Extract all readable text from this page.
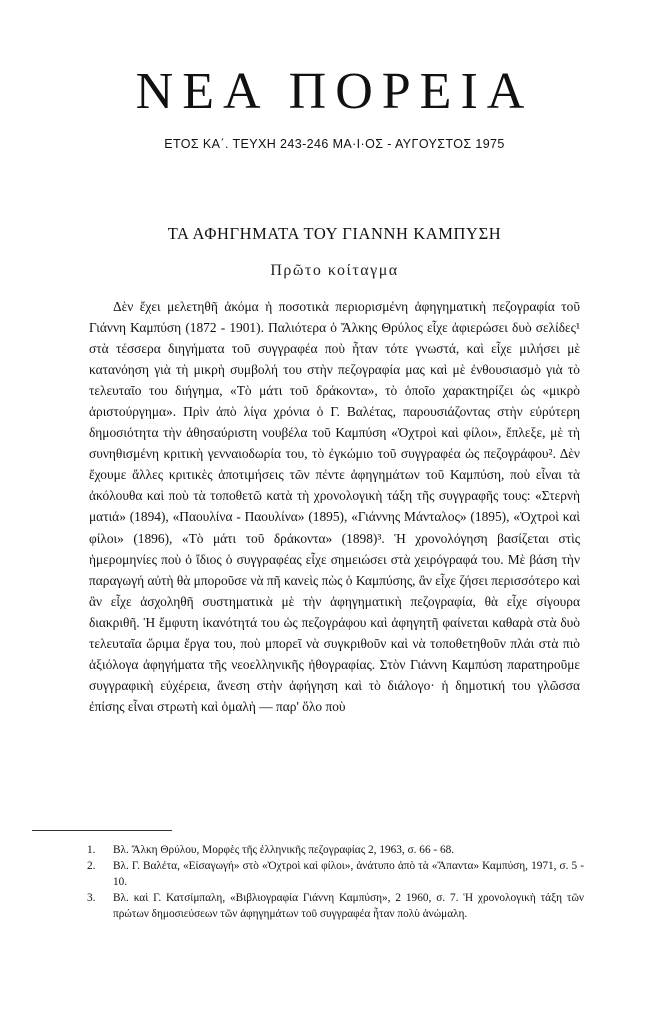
ΝΕΑ ΠΟΡΕΙΑ
ΕΤΟΣ ΚΑ΄. ΤΕΥΧΗ 243-246 ΜΑ·Ι·ΟΣ - ΑΥΓΟΥΣΤΟΣ 1975
ΤΑ ΑΦΗΓΗΜΑΤΑ ΤΟΥ ΓΙΑΝΝΗ ΚΑΜΠΥΣΗ
Πρῶτο κοίταγμα

Δὲν ἔχει μελετηθῆ ἀκόμα ἡ ποσοτικὰ περιορισμένη ἀφηγηματικὴ πεζογραφία τοῦ Γιάννη Καμπύση (1872 - 1901). Παλιότερα ὁ Ἄλκης Θρύλος εἶχε ἀφιερώσει δυὸ σελίδες¹ στὰ τέσσερα διηγήματα τοῦ συγγραφέα ποὺ ἦταν τότε γνωστά, καὶ εἶχε μιλήσει μὲ κατανόηση γιὰ τὴ μικρὴ συμβολή του στὴν πεζογραφία μας καὶ μὲ ἐνθουσιασμὸ γιὰ τὸ τελευταῖο του διήγημα, «Τὸ μάτι τοῦ δράκοντα», τὸ ὁποῖο χαρακτηρίζει ὡς «μικρὸ ἀριστούργημα». Πρὶν ἀπὸ λίγα χρόνια ὁ Γ. Βαλέτας, παρουσιάζοντας στὴν εὐρύτερη δημοσιότητα τὴν ἀθησαύριστη νουβέλα τοῦ Καμπύση «Ὀχτροὶ καὶ φίλοι», ἔπλεξε, μὲ τὴ συνηθισμένη κριτικὴ γενναιοδωρία του, τὸ ἐγκώμιο τοῦ συγγραφέα ὡς πεζογράφου². Δὲν ἔχουμε ἄλλες κριτικὲς ἀποτιμήσεις τῶν πέντε ἀφηγημάτων τοῦ Καμπύση, ποὺ εἶναι τὰ ἀκόλουθα καὶ ποὺ τὰ τοποθετῶ κατὰ τὴ χρονολογικὴ τάξη τῆς συγγραφῆς τους: «Στερνὴ ματιά» (1894), «Παουλίνα - Παουλίνα» (1895), «Γιάννης Μάνταλος» (1895), «Ὀχτροὶ καὶ φίλοι» (1896), «Τὸ μάτι τοῦ δράκοντα» (1898)³. Ἡ χρονολόγηση βασίζεται στὶς ἡμερομηνίες ποὺ ὁ ἴδιος ὁ συγγραφέας εἶχε σημειώσει στὰ χειρόγραφά του. Μὲ βάση τὴν παραγωγή αὐτὴ θὰ μποροῦσε νὰ πῆ κανεὶς πὼς ὁ Καμπύσης, ἂν εἶχε ζήσει περισσότερο καὶ ἂν εἶχε ἀσχοληθῆ συστηματικὰ μὲ τὴν ἀφηγηματικὴ πεζογραφία, θὰ εἶχε σίγουρα διακριθῆ. Ἡ ἔμφυτη ἱκανότητά του ὡς πεζογράφου καὶ ἀφηγητῆ φαίνεται καθαρὰ στὰ δυὸ τελευταῖα ὥριμα ἔργα του, ποὺ μπορεῖ νὰ συγκριθοῦν καὶ νὰ τοποθετηθοῦν πλάι στὰ πιὸ ἀξιόλογα ἀφηγήματα τῆς νεοελληνικῆς ἠθογραφίας. Στὸν Γιάννη Καμπύση παρατηροῦμε συγγραφικὴ εὐχέρεια, ἄνεση στὴν ἀφήγηση καὶ τὸ διάλογο· ἡ δημοτική του γλῶσσα ἐπίσης εἶναι στρωτὴ καὶ ὁμαλὴ — παρ' ὅλο ποὺ

1. Βλ. Ἄλκη Θρύλου, Μορφὲς τῆς ἑλληνικῆς πεζογραφίας 2, 1963, σ. 66 - 68.
2. Βλ. Γ. Βαλέτα, «Εἰσαγωγή» στὸ «Ὀχτροὶ καὶ φίλοι», ἀνάτυπο ἀπὸ τὰ «Ἅπαντα» Καμπύση, 1971, σ. 5 - 10.
3. Βλ. καὶ Γ. Κατσίμπαλη, «Βιβλιογραφία Γιάννη Καμπύση», 2 1960, σ. 7. Ἡ χρονολογικὴ τάξη τῶν πρώτων δημοσιεύσεων τῶν ἀφηγημάτων τοῦ συγγραφέα ἦταν πολὺ ἀνώμαλη.
